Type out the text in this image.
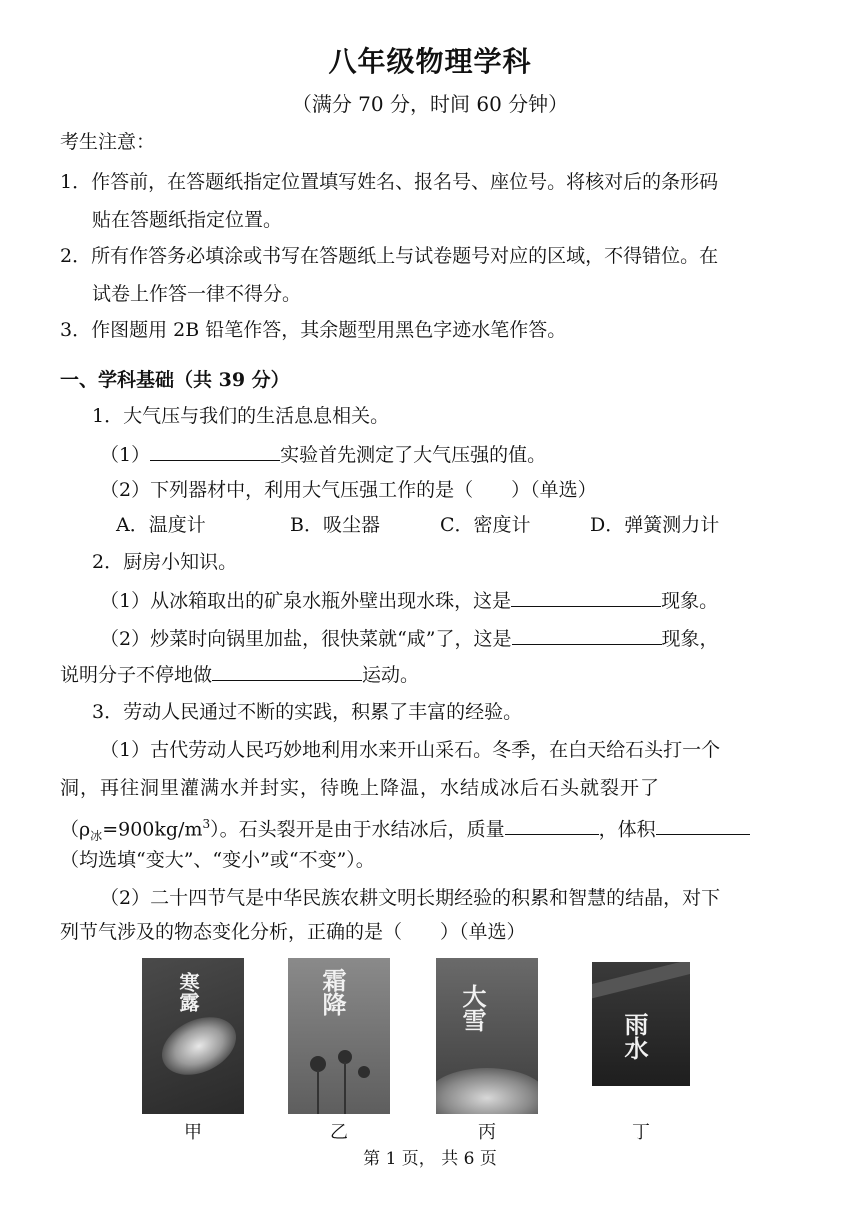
八年级物理学科
（满分 70 分，时间 60 分钟）
考生注意：
1．作答前，在答题纸指定位置填写姓名、报名号、座位号。将核对后的条形码
贴在答题纸指定位置。
2．所有作答务必填涂或书写在答题纸上与试卷题号对应的区域，不得错位。在
试卷上作答一律不得分。
3．作图题用 2B 铅笔作答，其余题型用黑色字迹水笔作答。
一、学科基础（共 39 分）
1．大气压与我们的生活息息相关。
（1）	实验首先测定了大气压强的值。
（2）下列器材中，利用大气压强工作的是（　　）（单选）
A．温度计	B．吸尘器	C．密度计	D．弹簧测力计
2．厨房小知识。
（1）从冰箱取出的矿泉水瓶外壁出现水珠，这是	现象。
（2）炒菜时向锅里加盐，很快菜就“咸”了，这是	现象，
说明分子不停地做	运动。
3．劳动人民通过不断的实践，积累了丰富的经验。
（1）古代劳动人民巧妙地利用水来开山采石。冬季，在白天给石头打一个
洞，再往洞里灌满水并封实，待晚上降温，水结成冰后石头就裂开了
$(\rho_冰=900kg/m^3)$。石头裂开是由于水结冰后，质量	，体积
（均选填“变大”、“变小”或“不变”）。
（2）二十四节气是中华民族农耕文明长期经验的积累和智慧的结晶，对下
列节气涉及的物态变化分析，正确的是（　　）（单选）
寒露
甲
霜降
乙
大雪
丙
雨水
丁
第 1 页， 共 6 页
